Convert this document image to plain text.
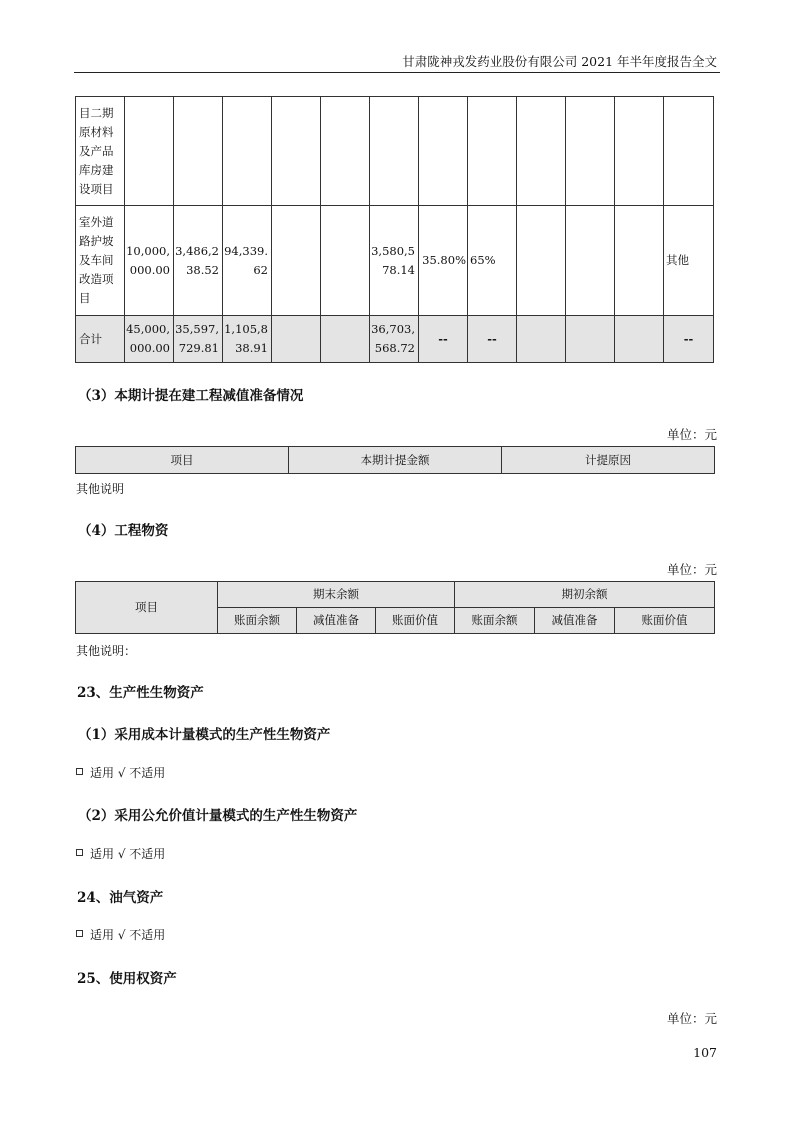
甘肃陇神戎发药业股份有限公司 2021 年半年度报告全文
目二期原材料及产品库房建设项目												
室外道路护坡及车间改造项目	10,000,000.00	3,486,238.52	94,339.62			3,580,578.14	35.80%	65%				其他
合计	45,000,000.00	35,597,729.81	1,105,838.91			36,703,568.72	--	--				--
（3）本期计提在建工程减值准备情况
单位：元
项目	本期计提金额	计提原因
其他说明
（4）工程物资
单位：元
项目	期末余额			期初余额		
	账面余额	减值准备	账面价值	账面余额	减值准备	账面价值
其他说明：
23、生产性生物资产
（1）采用成本计量模式的生产性生物资产
适用 √ 不适用
（2）采用公允价值计量模式的生产性生物资产
适用 √ 不适用
24、油气资产
适用 √ 不适用
25、使用权资产
单位：元
107
